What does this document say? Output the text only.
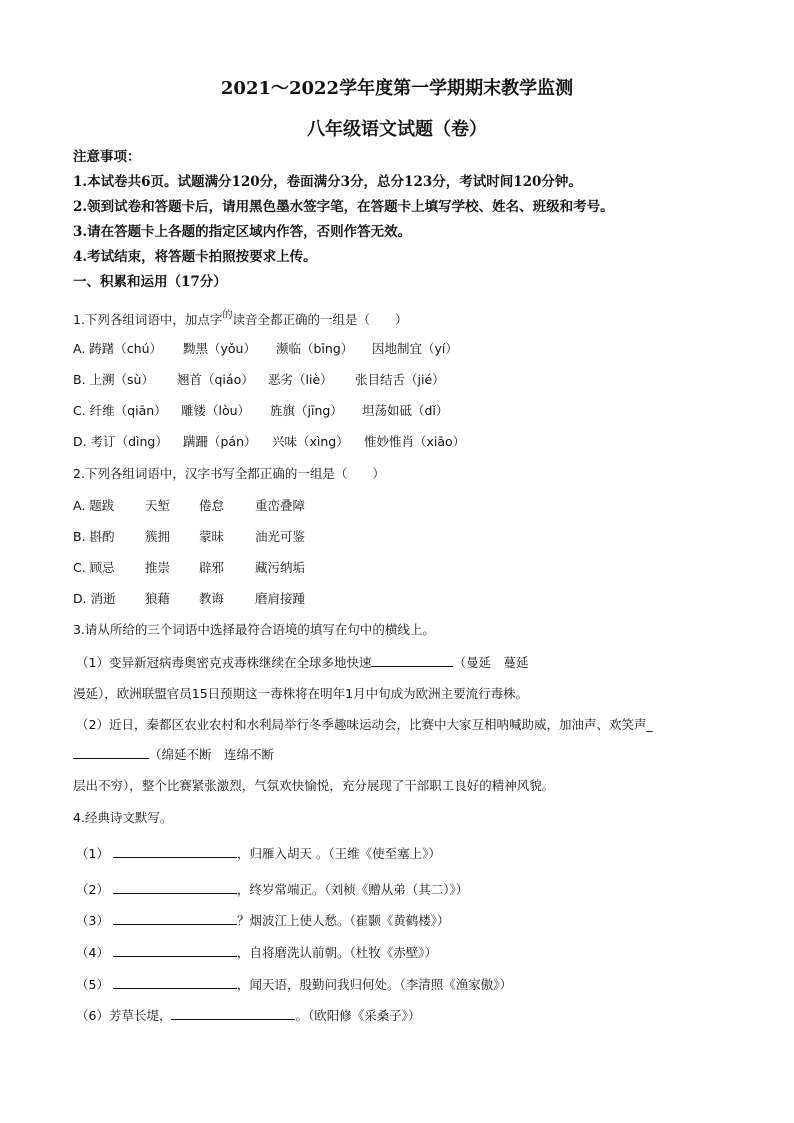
2021～2022学年度第一学期期末教学监测
八年级语文试题（卷）
注意事项：
1.本试卷共6页。试题满分120分，卷面满分3分，总分123分，考试时间120分钟。
2.领到试卷和答题卡后，请用黑色墨水签字笔，在答题卡上填写学校、姓名、班级和考号。
3.请在答题卡上各题的指定区域内作答，否则作答无效。
4.考试结束，将答题卡拍照按要求上传。
一、积累和运用（17分）
1.下列各组词语中，加点字$^的$读音全都正确的一组是（　　）
A. 踌躇（chú） 黝黑（yǒu） 濒临（bīng） 因地制宜（yí）
B. 上溯（sù） 翘首（qiáo） 恶劣（liè） 张目结舌（jié）
C. 纤维（qiān） 雕镂（lòu） 旌旗（jīng） 坦荡如砥（dǐ）
D. 考订（dìng） 蹒跚（pán） 兴味（xìng） 惟妙惟肖（xiāo）
2.下列各组词语中，汉字书写全都正确的一组是（　　）
A. 题跋 天堑 倦怠 重峦叠障
B. 斟酌 簇拥 蒙昧 油光可鉴
C. 顾忌 推崇 辟邪 藏污纳垢
D. 消逝 狼藉 教诲 磨肩接踵
3.请从所给的三个词语中选择最符合语境的填写在句中的横线上。
（1）变异新冠病毒奥密克戎毒株继续在全球多地快速	（曼延　蔓延
漫延），欧洲联盟官员15日预期这一毒株将在明年1月中旬成为欧洲主要流行毒株。
（2）近日，秦都区农业农村和水利局举行冬季趣味运动会，比赛中大家互相呐喊助威，加油声、欢笑声_
（绵延不断　连绵不断
层出不穷），整个比赛紧张激烈，气氛欢快愉悦，充分展现了干部职工良好的精神风貌。
4.经典诗文默写。
（1）	，归雁入胡天 。（王维《使至塞上》）
（2）	，终岁常端正。（刘桢《赠从弟（其二）》）
（3）	？烟波江上使人愁。（崔颢《黄鹤楼》）
（4）	，自将磨洗认前朝。（杜牧《赤壁》）
（5）	，闻天语，殷勤问我归何处。（李清照《渔家傲》）
（6）芳草长堤，	。（欧阳修《采桑子》）
